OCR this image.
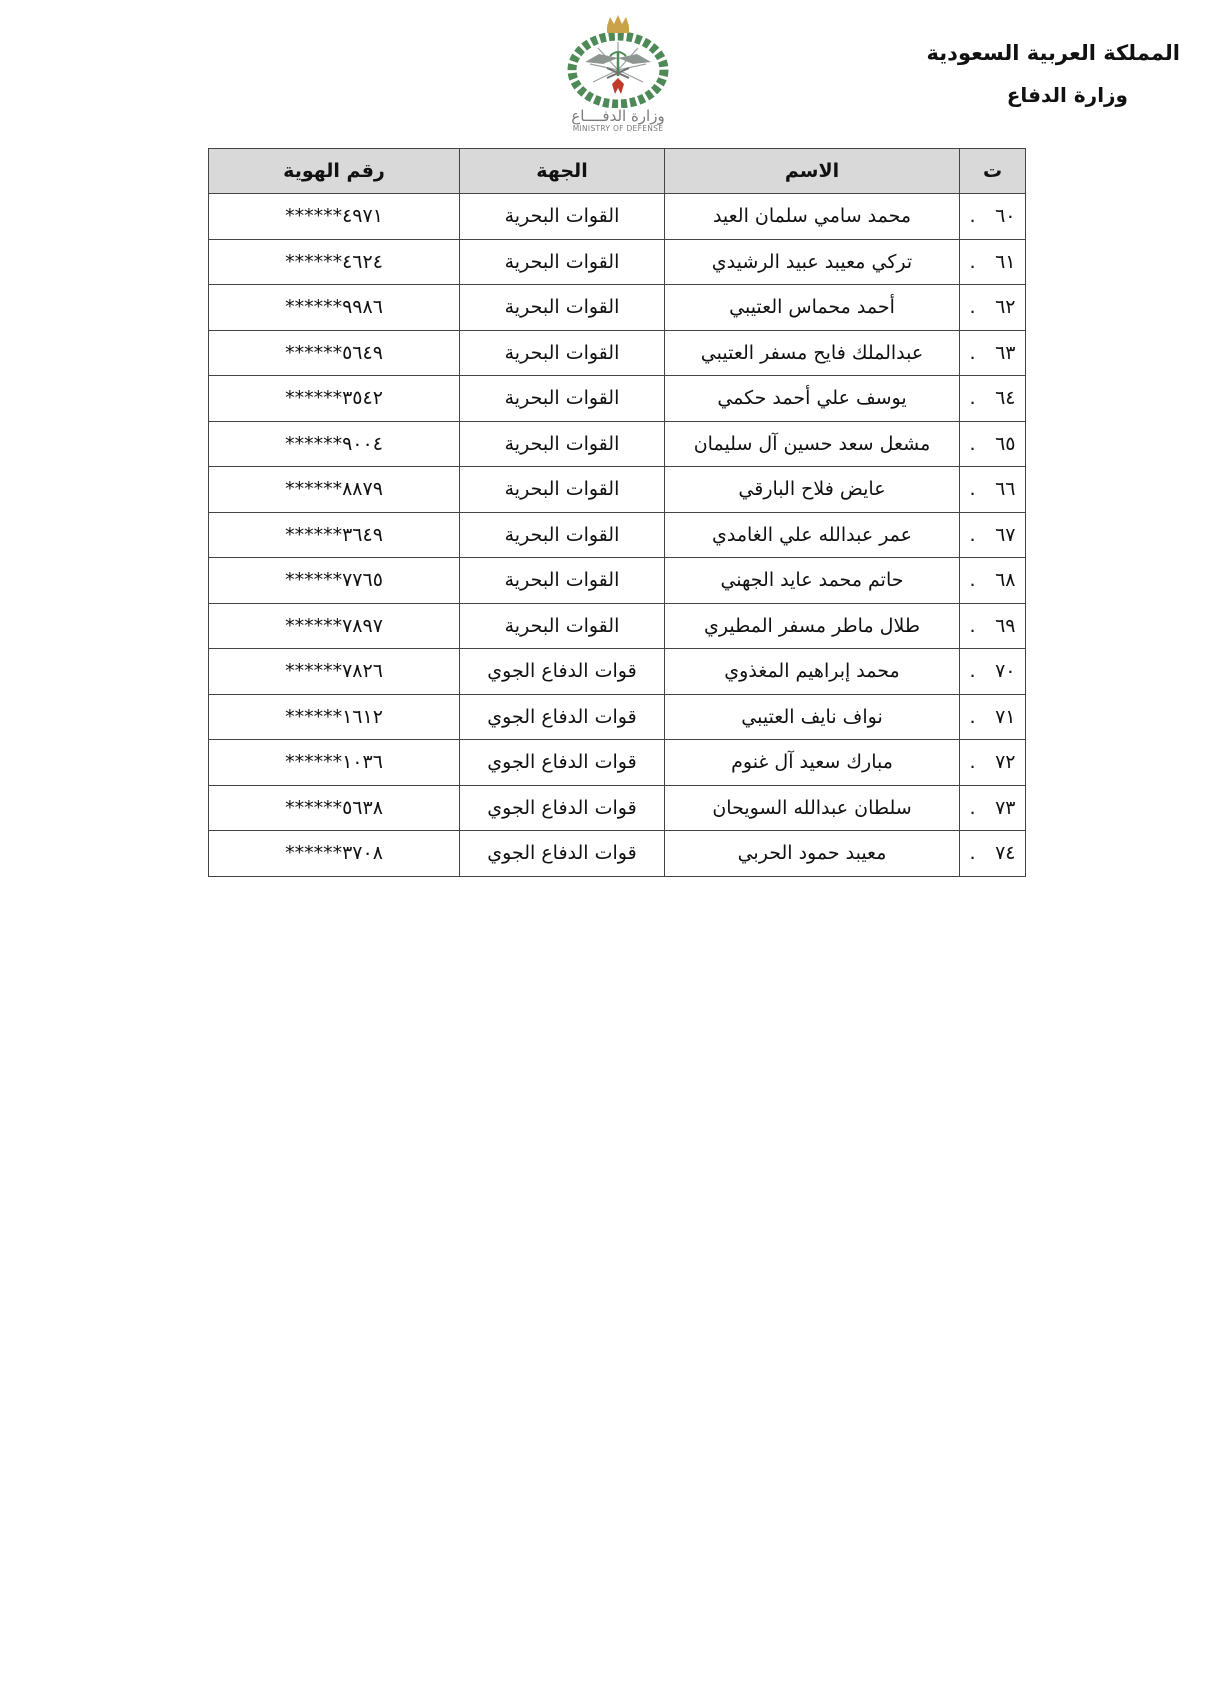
المملكة العربية السعودية
وزارة الدفاع
وزارة الدفــــاع
MINISTRY OF DEFENSE
ت	الاسم	الجهة	رقم الهوية
٦٠.	محمد سامي سلمان العيد	القوات البحرية	******٤٩٧١
٦١.	تركي معيبد عبيد الرشيدي	القوات البحرية	******٤٦٢٤
٦٢.	أحمد محماس العتيبي	القوات البحرية	******٩٩٨٦
٦٣.	عبدالملك فايح مسفر العتيبي	القوات البحرية	******٥٦٤٩
٦٤.	يوسف علي أحمد حكمي	القوات البحرية	******٣٥٤٢
٦٥.	مشعل سعد حسين آل سليمان	القوات البحرية	******٩٠٠٤
٦٦.	عايض فلاح البارقي	القوات البحرية	******٨٨٧٩
٦٧.	عمر عبدالله علي الغامدي	القوات البحرية	******٣٦٤٩
٦٨.	حاتم محمد عايد الجهني	القوات البحرية	******٧٧٦٥
٦٩.	طلال ماطر مسفر المطيري	القوات البحرية	******٧٨٩٧
٧٠.	محمد إبراهيم المغذوي	قوات الدفاع الجوي	******٧٨٢٦
٧١.	نواف نايف العتيبي	قوات الدفاع الجوي	******١٦١٢
٧٢.	مبارك سعيد آل غنوم	قوات الدفاع الجوي	******١٠٣٦
٧٣.	سلطان عبدالله السويحان	قوات الدفاع الجوي	******٥٦٣٨
٧٤.	معيبد حمود الحربي	قوات الدفاع الجوي	******٣٧٠٨
